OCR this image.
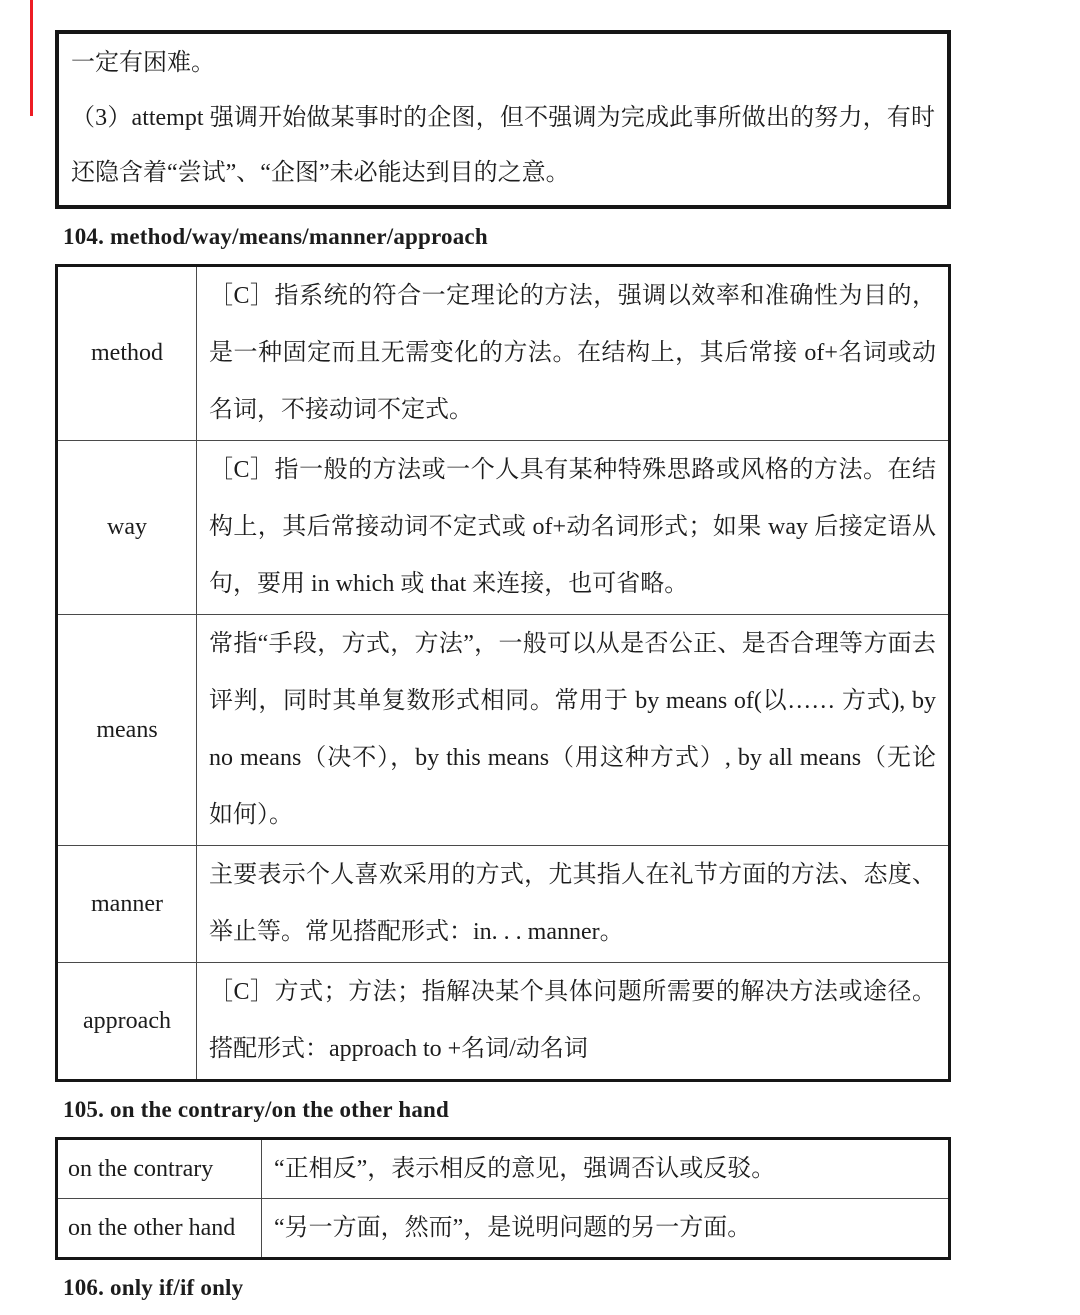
一定有困难。

（3）attempt 强调开始做某事时的企图，但不强调为完成此事所做出的努力，有时还隐含着“尝试”、“企图”未必能达到目的之意。

104. method/way/means/manner/approach
method	［C］指系统的符合一定理论的方法，强调以效率和准确性为目的，是一种固定而且无需变化的方法。在结构上，其后常接 of+名词或动名词，不接动词不定式。
way	［C］指一般的方法或一个人具有某种特殊思路或风格的方法。在结构上，其后常接动词不定式或 of+动名词形式；如果 way 后接定语从句，要用 in which 或 that 来连接，也可省略。
means	常指“手段，方式，方法”，一般可以从是否公正、是否合理等方面去评判，同时其单复数形式相同。常用于 by means of(以…… 方式), by no means（决不），by this means（用这种方式）, by all means（无论如何）。
manner	主要表示个人喜欢采用的方式，尤其指人在礼节方面的方法、态度、举止等。常见搭配形式：in. . . manner。
approach	［C］方式；方法；指解决某个具体问题所需要的解决方法或途径。搭配形式：approach to +名词/动名词
105. on the contrary/on the other hand
on the contrary	“正相反”，表示相反的意见，强调否认或反驳。
on the other hand	“另一方面，然而”，是说明问题的另一方面。
106. only if/if only
